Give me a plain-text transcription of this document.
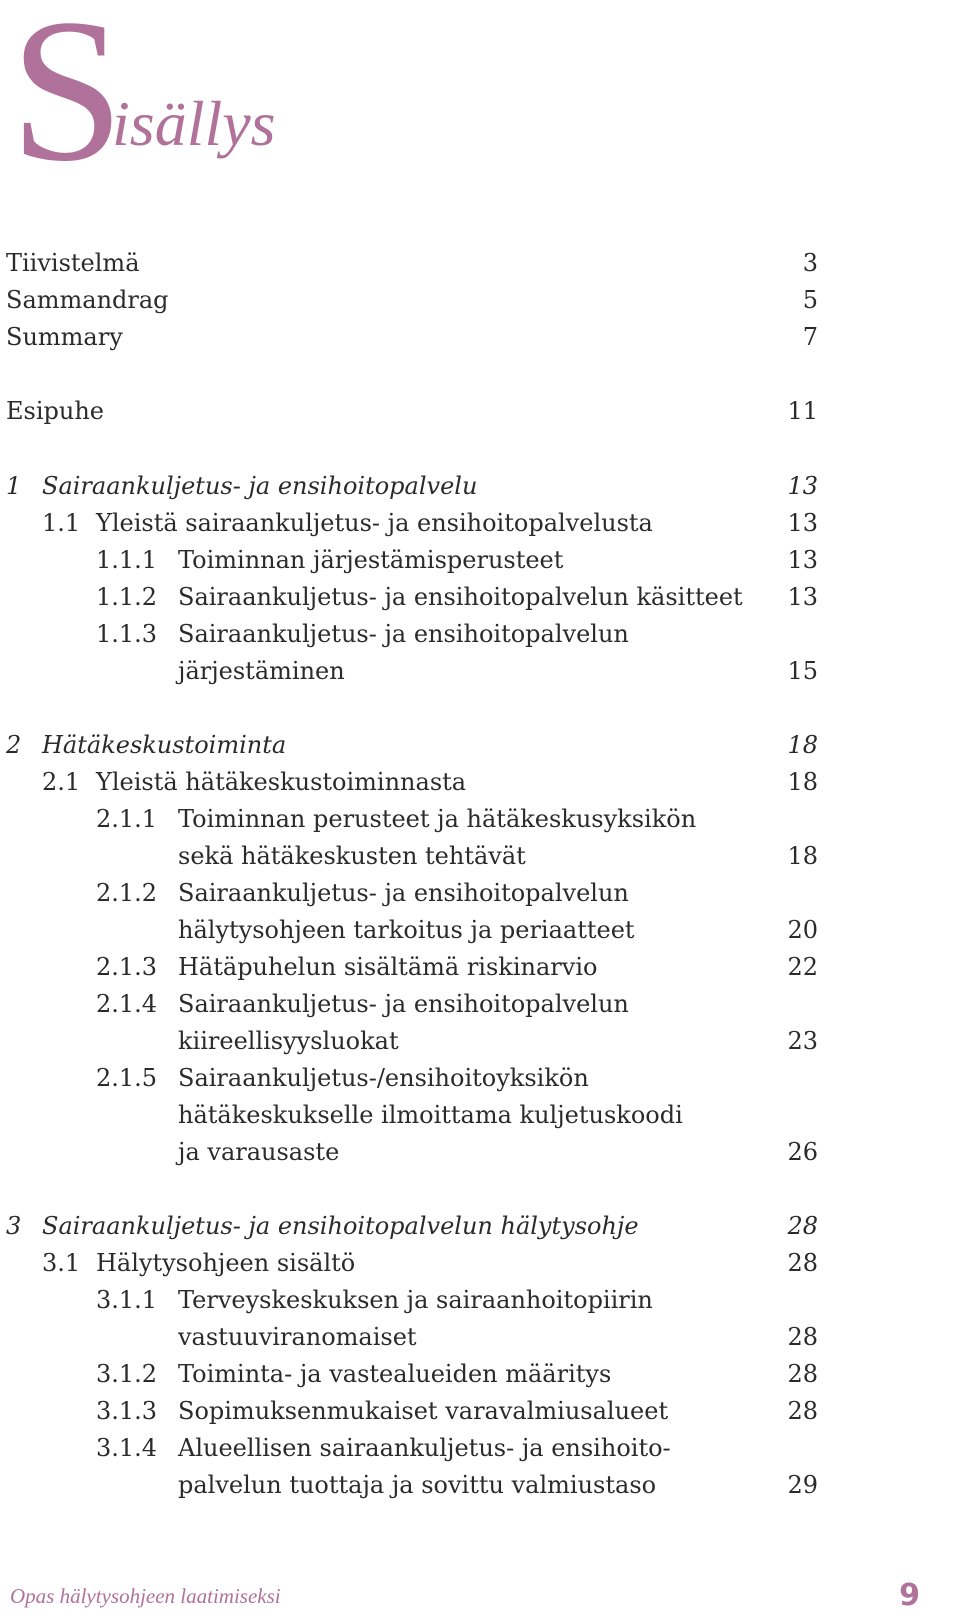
S
isällys
Tiivistelmä	3
Sammandrag	5
Summary	7
Esipuhe	11
1 Sairaankuljetus- ja ensihoitopalvelu	13
1.1 Yleistä sairaankuljetus- ja ensihoitopalvelusta	13
1.1.1 Toiminnan järjestämisperusteet	13
1.1.2 Sairaankuljetus- ja ensihoitopalvelun käsitteet 13
1.1.3 Sairaankuljetus- ja ensihoitopalvelun
järjestäminen	15
2 Hätäkeskustoiminta	18
2.1 Yleistä hätäkeskustoiminnasta	18
2.1.1 Toiminnan perusteet ja hätäkeskusyksikön
sekä hätäkeskusten tehtävät	18
2.1.2 Sairaankuljetus- ja ensihoitopalvelun
hälytysohjeen tarkoitus ja periaatteet	20
2.1.3 Hätäpuhelun sisältämä riskinarvio	22
2.1.4 Sairaankuljetus- ja ensihoitopalvelun
kiireellisyysluokat	23
2.1.5 Sairaankuljetus-/ensihoitoyksikön
hätäkeskukselle ilmoittama kuljetuskoodi
ja varausaste	26
3 Sairaankuljetus- ja ensihoitopalvelun hälytysohje	28
3.1 Hälytysohjeen sisältö	28
3.1.1 Terveyskeskuksen ja sairaanhoitopiirin
vastuuviranomaiset	28
3.1.2 Toiminta- ja vastealueiden määritys	28
3.1.3 Sopimuksenmukaiset varavalmiusalueet	28
3.1.4 Alueellisen sairaankuljetus- ja ensihoito-
palvelun tuottaja ja sovittu valmiustaso	29
Opas hälytysohjeen laatimiseksi	9
